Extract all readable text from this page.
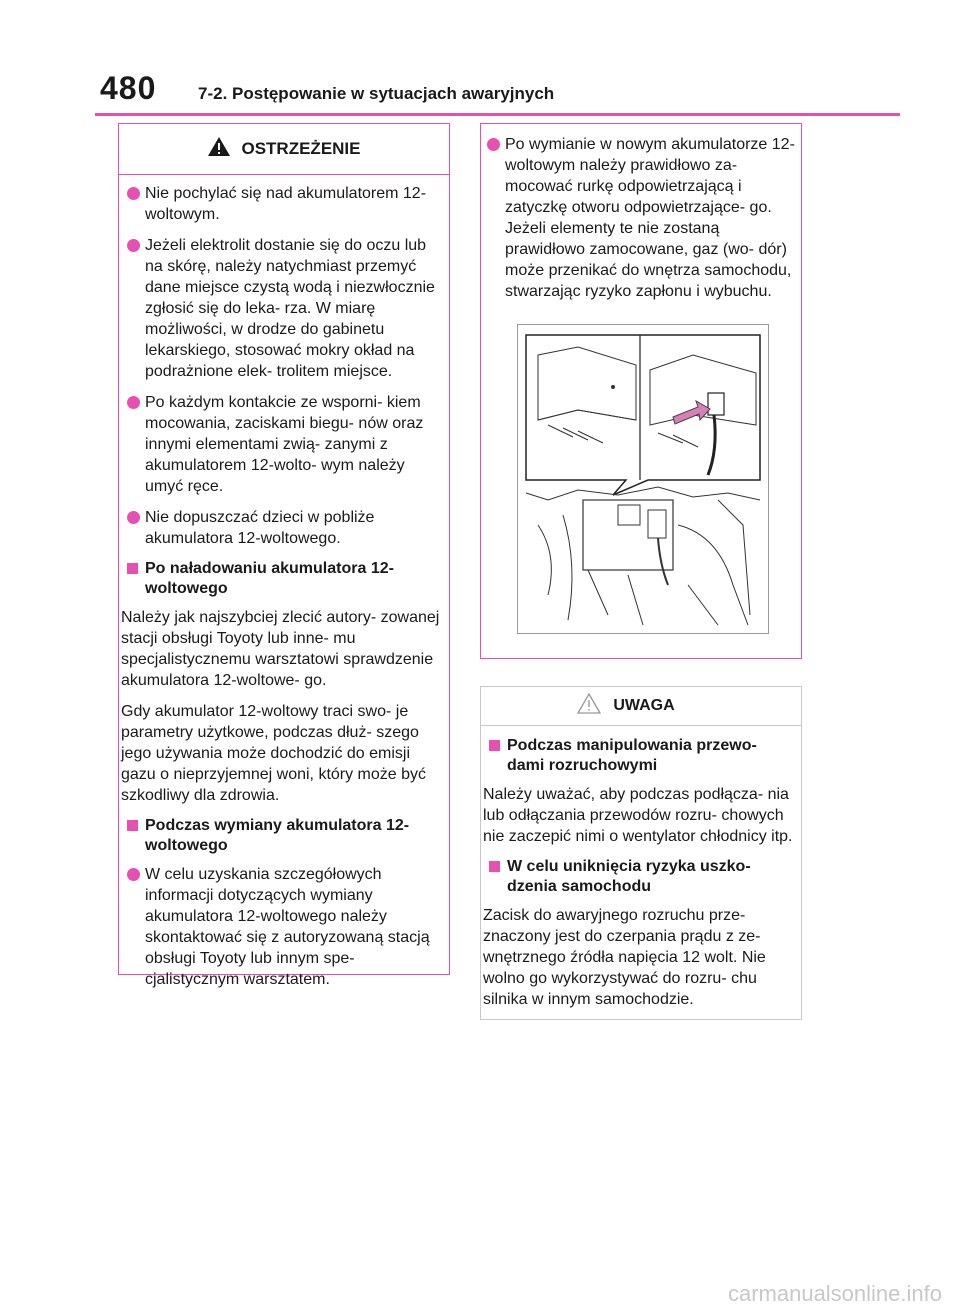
480 7-2. Postępowanie w sytuacjach awaryjnych
OSTRZEŻENIE
Nie pochylać się nad akumulatorem 12-woltowym.
Jeżeli elektrolit dostanie się do oczu lub na skórę, należy natychmiast przemyć dane miejsce czystą wodą i niezwłocznie zgłosić się do leka- rza. W miarę możliwości, w drodze do gabinetu lekarskiego, stosować mokry okład na podrażnione elek- trolitem miejsce.
Po każdym kontakcie ze wsporni- kiem mocowania, zaciskami biegu- nów oraz innymi elementami zwią- zanymi z akumulatorem 12-wolto- wym należy umyć ręce.
Nie dopuszczać dzieci w pobliże akumulatora 12-woltowego.
Po naładowaniu akumulatora 12-woltowego

Należy jak najszybciej zlecić autory- zowanej stacji obsługi Toyoty lub inne- mu specjalistycznemu warsztatowi sprawdzenie akumulatora 12-woltowe- go.

Gdy akumulator 12-woltowy traci swo- je parametry użytkowe, podczas dłuż- szego jego używania może dochodzić do emisji gazu o nieprzyjemnej woni, który może być szkodliwy dla zdrowia.

Podczas wymiany akumulatora 12-woltowego
W celu uzyskania szczegółowych informacji dotyczących wymiany akumulatora 12-woltowego należy skontaktować się z autoryzowaną stacją obsługi Toyoty lub innym spe- cjalistycznym warsztatem.
Po wymianie w nowym akumulatorze 12-woltowym należy prawidłowo za- mocować rurkę odpowietrzającą i zatyczkę otworu odpowietrzające- go. Jeżeli elementy te nie zostaną prawidłowo zamocowane, gaz (wo- dór) może przenikać do wnętrza samochodu, stwarzając ryzyko zapłonu i wybuchu.
UWAGA
Podczas manipulowania przewo- dami rozruchowymi

Należy uważać, aby podczas podłącza- nia lub odłączania przewodów rozru- chowych nie zaczepić nimi o wentylator chłodnicy itp.

W celu uniknięcia ryzyka uszko- dzenia samochodu

Zacisk do awaryjnego rozruchu prze- znaczony jest do czerpania prądu z ze- wnętrznego źródła napięcia 12 wolt. Nie wolno go wykorzystywać do rozru- chu silnika w innym samochodzie.

carmanualsonline.info
